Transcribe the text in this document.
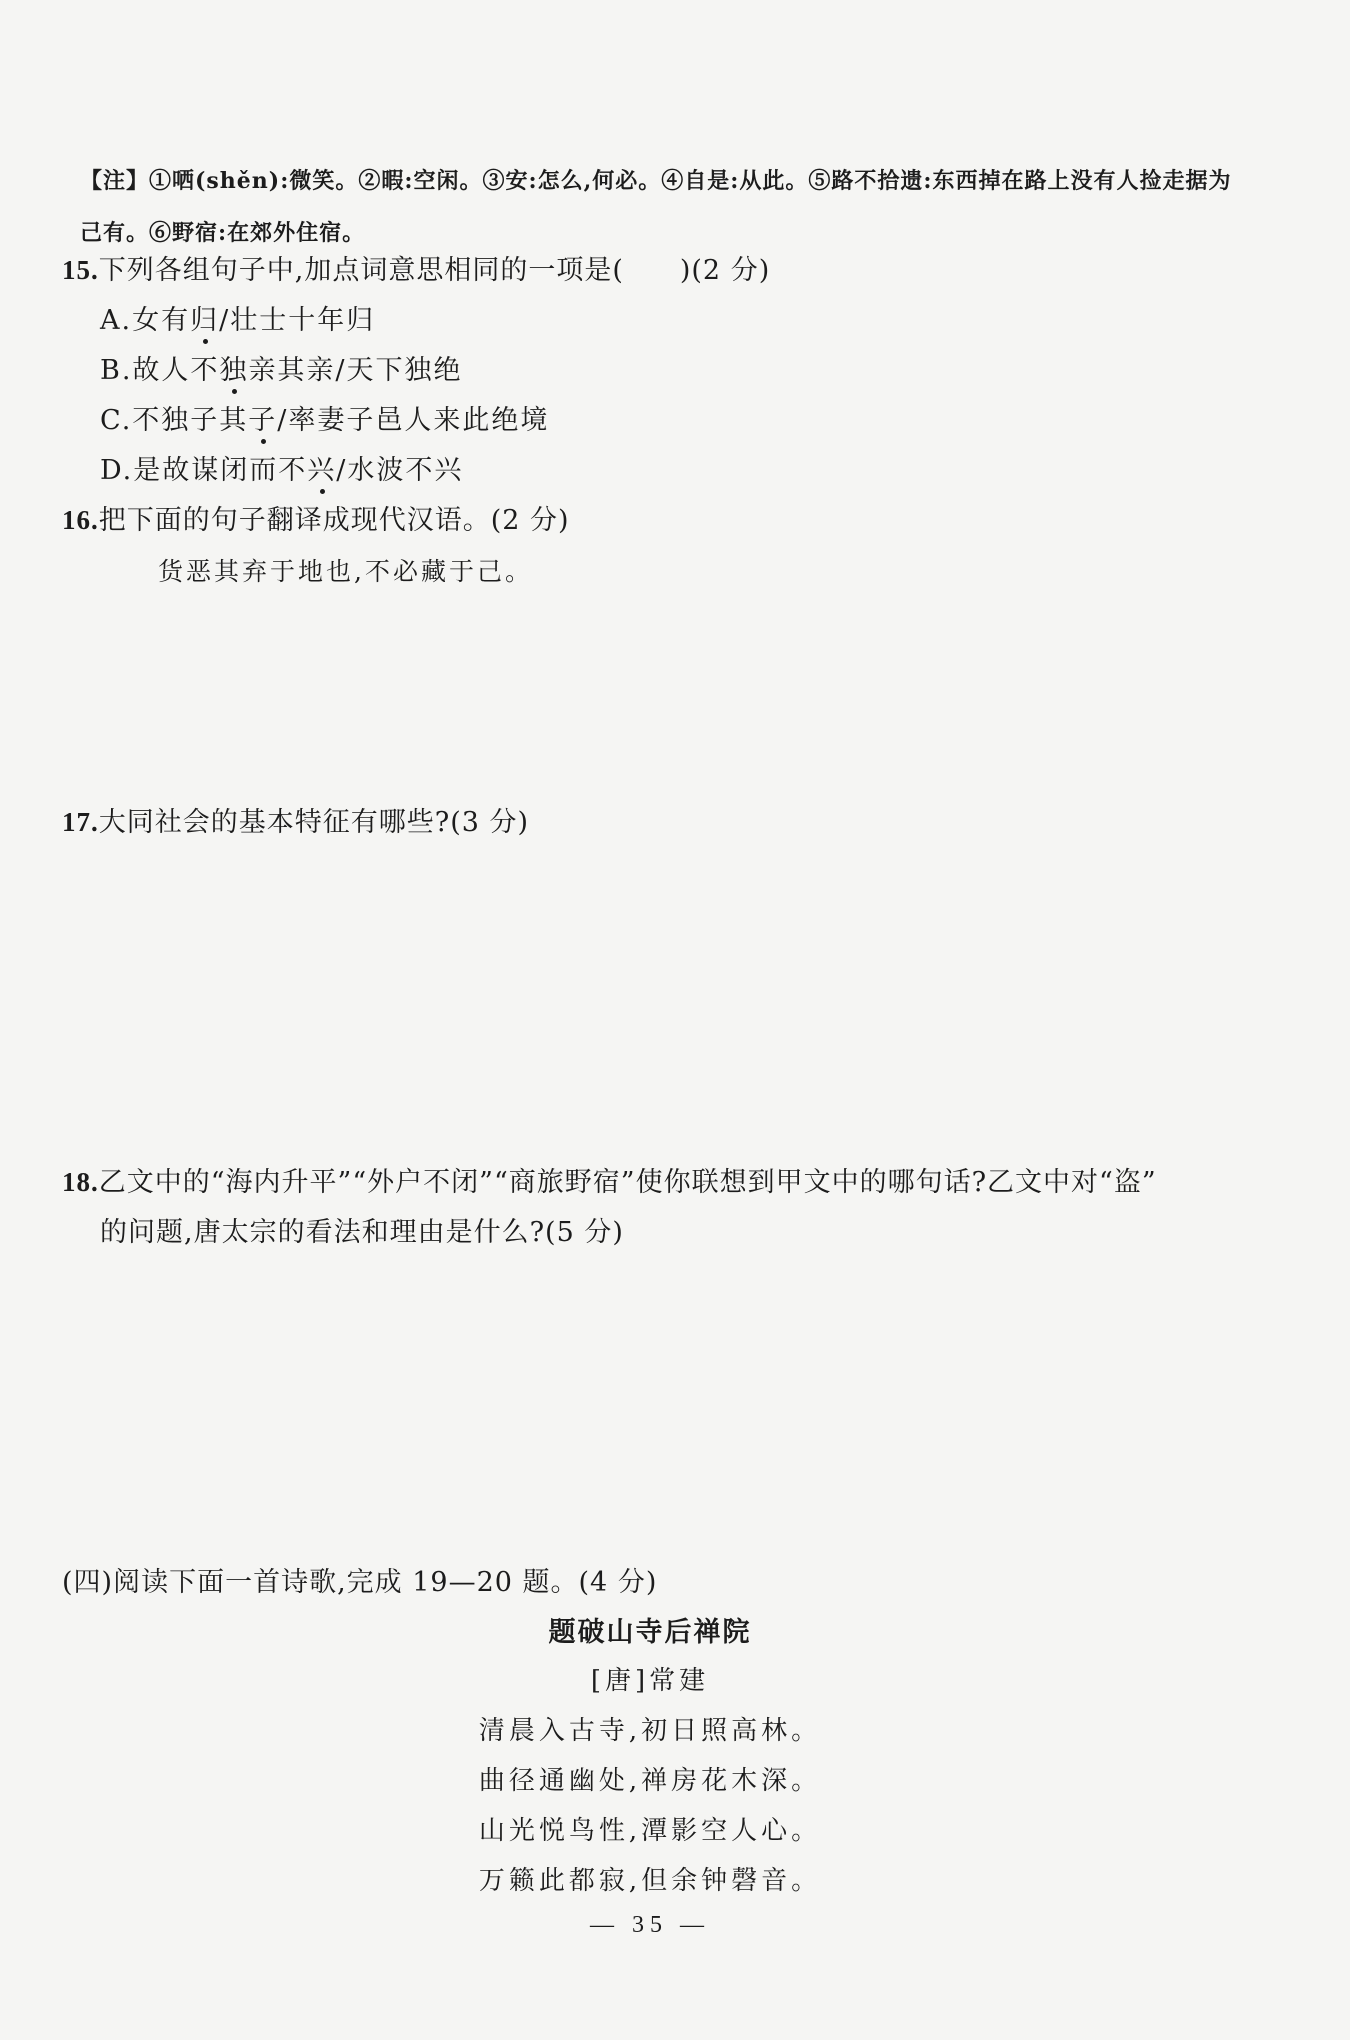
【注】①哂(shěn):微笑。②暇:空闲。③安:怎么,何必。④自是:从此。⑤路不拾遗:东西掉在路上没有人捡走据为己有。⑥野宿:在郊外住宿。
15.下列各组句子中,加点词意思相同的一项是(　　)(2 分)
A.女有归/壮士十年归
B.故人不独亲其亲/天下独绝
C.不独子其子/率妻子邑人来此绝境
D.是故谋闭而不兴/水波不兴
16.把下面的句子翻译成现代汉语。(2 分)
货恶其弃于地也,不必藏于己。
17.大同社会的基本特征有哪些?(3 分)
18.乙文中的“海内升平”“外户不闭”“商旅野宿”使你联想到甲文中的哪句话?乙文中对“盗”
的问题,唐太宗的看法和理由是什么?(5 分)
(四)阅读下面一首诗歌,完成 19—20 题。(4 分)
题破山寺后禅院
[唐]常建
清晨入古寺,初日照高林。
曲径通幽处,禅房花木深。
山光悦鸟性,潭影空人心。
万籁此都寂,但余钟磬音。
— 35 —
